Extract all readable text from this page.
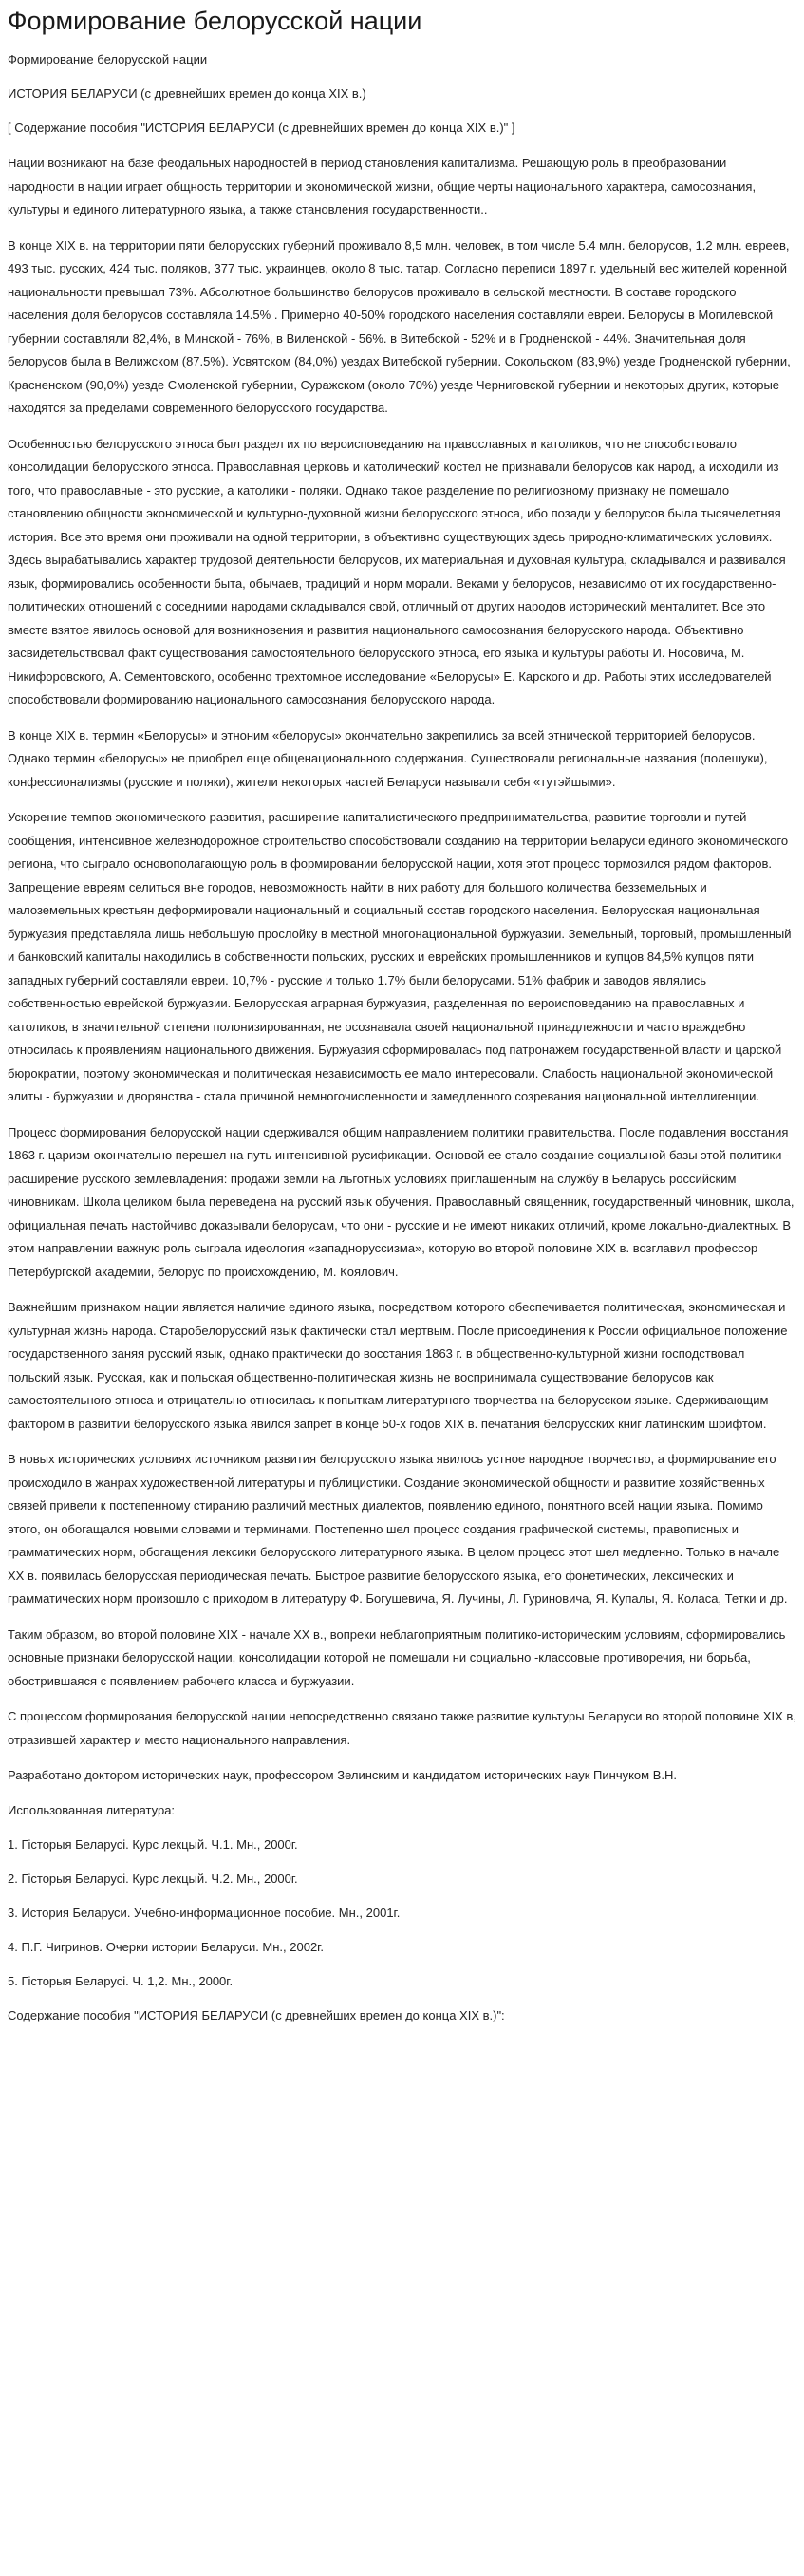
Формирование белорусской нации

Формирование белорусской нации

ИСТОРИЯ БЕЛАРУСИ (с древнейших времен до конца XIX в.)

[ Содержание пособия "ИСТОРИЯ БЕЛАРУСИ (с древнейших времен до конца XIX в.)" ]

Нации возникают на базе феодальных народностей в период становления капитализма. Решающую роль в преобразовании народности в нации играет общность территории и экономической жизни, общие черты национального характера, самосознания, культуры и единого литературного языка, а также становления государственности..

В конце XIX в. на территории пяти белорусских губерний проживало 8,5 млн. человек, в том числе 5.4 млн. белорусов, 1.2 млн. евреев, 493 тыс. русских, 424 тыс. поляков, 377 тыс. украинцев, около 8 тыс. татар. Согласно переписи 1897 г. удельный вес жителей коренной национальности превышал 73%. Абсолютное большинство белорусов проживало в сельской местности. В составе городского населения доля белорусов составляла 14.5% . Примерно 40-50% городского населения составляли евреи. Белорусы в Могилевской губернии составляли 82,4%, в Минской - 76%, в Виленской - 56%. в Витебской - 52% и в Гродненской - 44%. Значительная доля белорусов была в Велижском (87.5%). Усвятском (84,0%) уездах Витебской губернии. Сокольском (83,9%) уезде Гродненской губернии, Красненском (90,0%) уезде Смоленской губернии, Суражском (около 70%) уезде Черниговской губернии и некоторых других, которые находятся за пределами современного белорусского государства.

Особенностью белорусского этноса был раздел их по вероисповеданию на православных и католиков, что не способствовало консолидации белорусского этноса. Православная церковь и католический костел не признавали белорусов как народ, а исходили из того, что православные - это русские, а католики - поляки. Однако такое разделение по религиозному признаку не помешало становлению общности экономической и культурно-духовной жизни белорусского этноса, ибо позади у белорусов была тысячелетняя история. Все это время они проживали на одной территории, в объективно существующих здесь природно-климатических условиях. Здесь вырабатывались характер трудовой деятельности белорусов, их материальная и духовная культура, складывался и развивался язык, формировались особенности быта, обычаев, традиций и норм морали. Веками у белорусов, независимо от их государственно-политических отношений с соседними народами складывался свой, отличный от других народов исторический менталитет. Все это вместе взятое явилось основой для возникновения и развития национального самосознания белорусского народа. Объективно засвидетельствовал факт существования самостоятельного белорусского этноса, его языка и культуры работы И. Носовича, М. Никифоровского, А. Сементовского, особенно трехтомное исследование «Белорусы» Е. Карского и др. Работы этих исследователей способствовали формированию национального самосознания белорусского народа.

В конце XIX в. термин «Белорусы» и этноним «белорусы» окончательно закрепились за всей этнической территорией белорусов. Однако термин «белорусы» не приобрел еще общенационального содержания. Существовали региональные названия (полешуки), конфессионализмы (русские и поляки), жители некоторых частей Беларуси называли себя «тутэйшыми».

Ускорение темпов экономического развития, расширение капиталистического предпринимательства, развитие торговли и путей сообщения, интенсивное железнодорожное строительство способствовали созданию на территории Беларуси единого экономического региона, что сыграло основополагающую роль в формировании белорусской нации, хотя этот процесс тормозился рядом факторов. Запрещение евреям селиться вне городов, невозможность найти в них работу для большого количества безземельных и малоземельных крестьян деформировали национальный и социальный состав городского населения. Белорусская национальная буржуазия представляла лишь небольшую прослойку в местной многонациональной буржуазии. Земельный, торговый, промышленный и банковский капиталы находились в собственности польских, русских и еврейских промышленников и купцов 84,5% купцов пяти западных губерний составляли евреи. 10,7% - русские и только 1.7% были белорусами. 51% фабрик и заводов являлись собственностью еврейской буржуазии. Белорусская аграрная буржуазия, разделенная по вероисповеданию на православных и католиков, в значительной степени полонизированная, не осознавала своей национальной принадлежности и часто враждебно относилась к проявлениям национального движения. Буржуазия сформировалась под патронажем государственной власти и царской бюрократии, поэтому экономическая и политическая независимость ее мало интересовали. Слабость национальной экономической элиты - буржуазии и дворянства - стала причиной немногочисленности и замедленного созревания национальной интеллигенции.

Процесс формирования белорусской нации сдерживался общим направлением политики правительства. После подавления восстания 1863 г. царизм окончательно перешел на путь интенсивной русификации. Основой ее стало создание социальной базы этой политики - расширение русского землевладения: продажи земли на льготных условиях приглашенным на службу в Беларусь российским чиновникам. Школа целиком была переведена на русский язык обучения. Православный священник, государственный чиновник, школа, официальная печать настойчиво доказывали белорусам, что они - русские и не имеют никаких отличий, кроме локально-диалектных. В этом направлении важную роль сыграла идеология «западноруссизма», которую во второй половине XIX в. возглавил профессор Петербургской академии, белорус по происхождению, М. Коялович.

Важнейшим признаком нации является наличие единого языка, посредством которого обеспечивается политическая, экономическая и культурная жизнь народа. Старобелорусский язык фактически стал мертвым. После присоединения к России официальное положение государственного заняя русский язык, однако практически до восстания 1863 г. в общественно-культурной жизни господствовал польский язык. Русская, как и польская общественно-политическая жизнь не воспринимала существование белорусов как самостоятельного этноса и отрицательно относилась к попыткам литературного творчества на белорусском языке. Сдерживающим фактором в развитии белорусского языка явился запрет в конце 50-х годов XIX в. печатания белорусских книг латинским шрифтом.

В новых исторических условиях источником развития белорусского языка явилось устное народное творчество, а формирование его происходило в жанрах художественной литературы и публицистики. Создание экономической общности и развитие хозяйственных связей привели к постепенному стиранию различий местных диалектов, появлению единого, понятного всей нации языка. Помимо этого, он обогащался новыми словами и терминами. Постепенно шел процесс создания графической системы, правописных и грамматических норм, обогащения лексики белорусского литературного языка. В целом процесс этот шел медленно. Только в начале XX в. появилась белорусская периодическая печать. Быстрое развитие белорусского языка, его фонетических, лексических и грамматических норм произошло с приходом в литературу Ф. Богушевича, Я. Лучины, Л. Гуриновича, Я. Купалы, Я. Коласа, Тетки и др.

Таким образом, во второй половине XIX - начале XX в., вопреки неблагоприятным политико-историческим условиям, сформировались основные признаки белорусской нации, консолидации которой не помешали ни социально -классовые противоречия, ни борьба, обострившаяся с появлением рабочего класса и буржуазии.

С процессом формирования белорусской нации непосредственно связано также развитие культуры Беларуси во второй половине XIX в, отразившей характер и место национального направления.

Разработано доктором исторических наук, профессором Зелинским и кандидатом исторических наук Пинчуком В.Н.

Использованная литература:

1. Гісторыя Беларусі. Курс лекцый. Ч.1. Мн., 2000г.

2. Гісторыя Беларусі. Курс лекцый. Ч.2. Мн., 2000г.

3. История Беларуси. Учебно-информационное пособие. Мн., 2001г.

4. П.Г. Чигринов. Очерки истории Беларуси. Мн., 2002г.

5. Гісторыя Беларусі. Ч. 1,2. Мн., 2000г.

Содержание пособия "ИСТОРИЯ БЕЛАРУСИ (с древнейших времен до конца XIX в.)":
